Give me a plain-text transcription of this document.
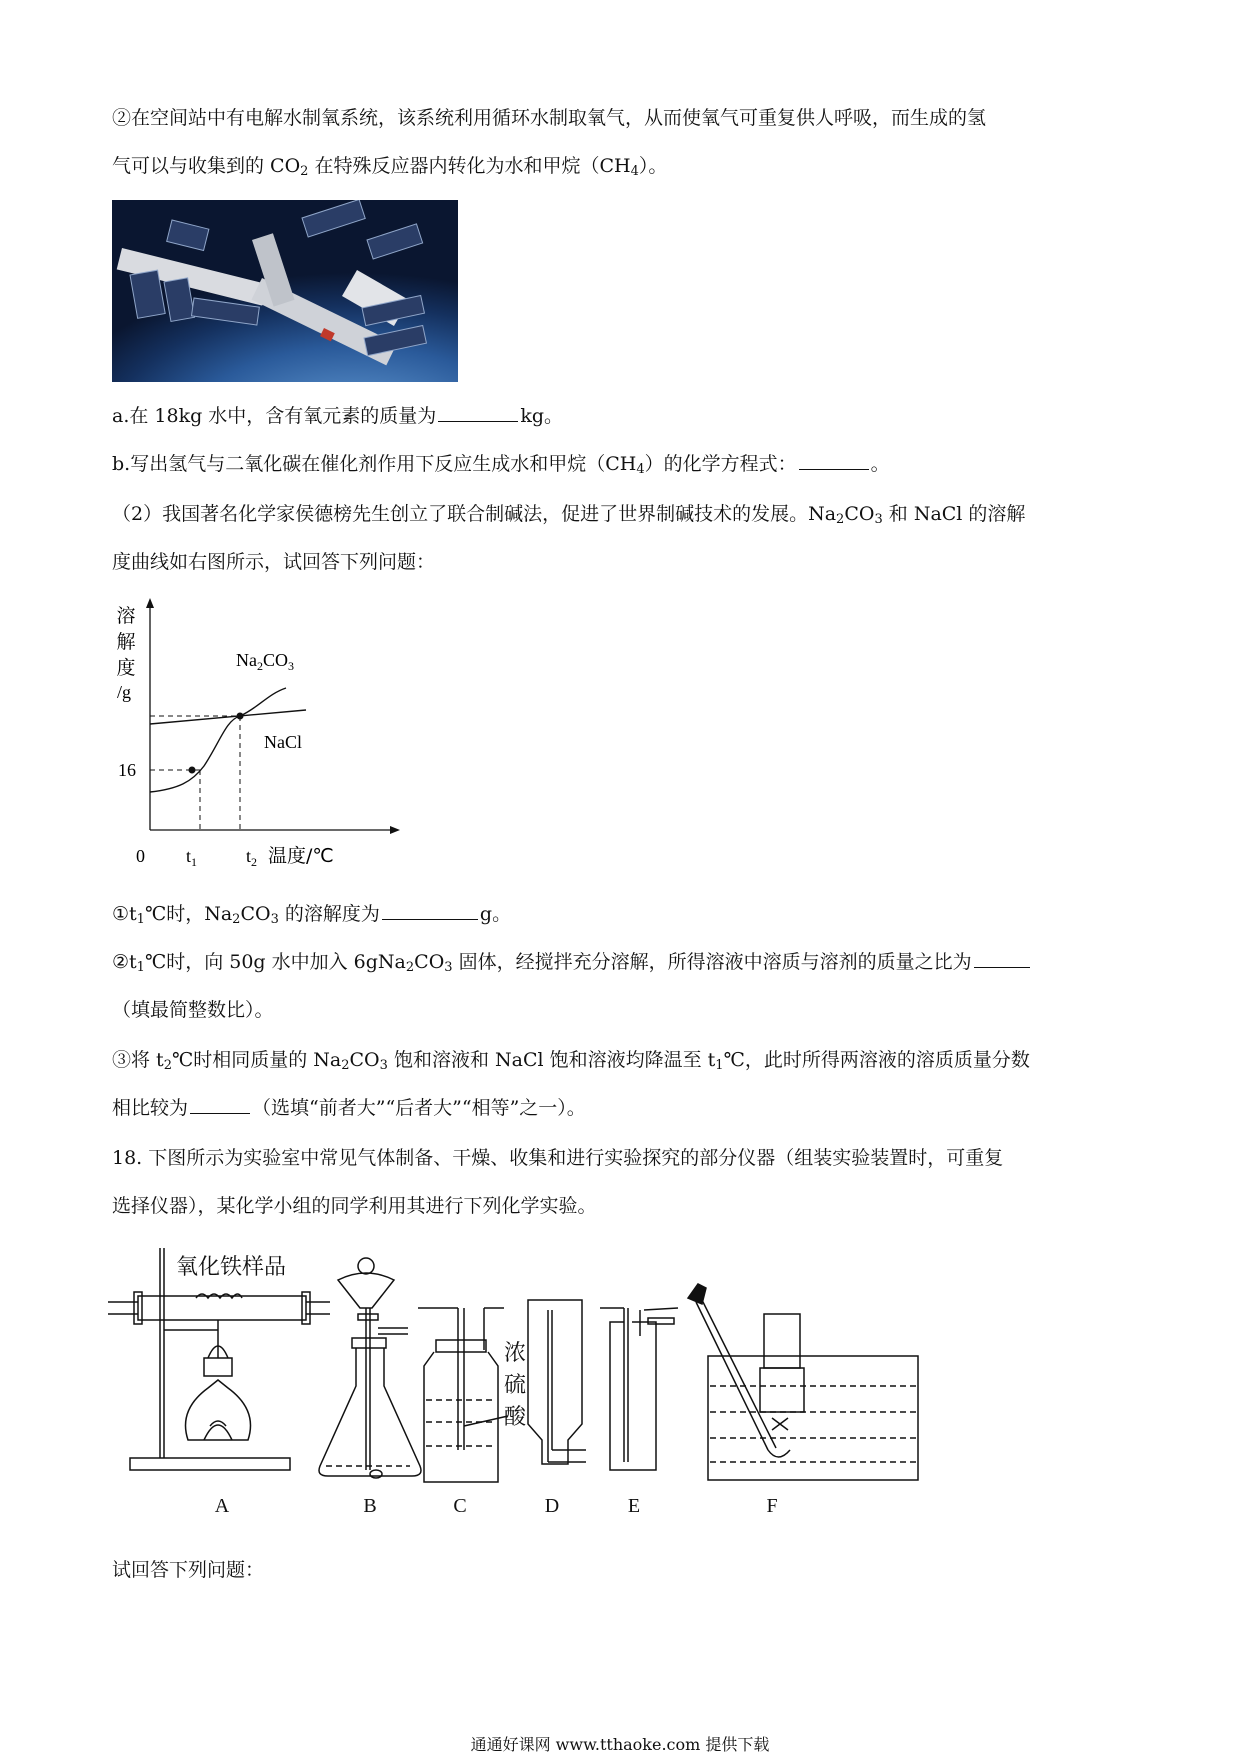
②在空间站中有电解水制氧系统，该系统利用循环水制取氧气，从而使氧气可重复供人呼吸，而生成的氢
气可以与收集到的 $CO_2$ 在特殊反应器内转化为水和甲烷$(CH_4)$。
a.在 18kg 水中，含有氧元素的质量为	kg。
b.写出氢气与二氧化碳在催化剂作用下反应生成水和甲烷$(CH_4)$的化学方程式：	。
（2）我国著名化学家侯德榜先生创立了联合制碱法，促进了世界制碱技术的发展。$Na_2CO_3$ 和 NaCl 的溶解
度曲线如右图所示，试回答下列问题：
溶
解
度
/g
$Na_2CO_3$
NaCl
16
0 $t_1$	$t_2$ 温度/℃
$①t_1℃$时，$Na_2CO_3$ 的溶解度为	g。
$②t_1℃$时，向 50g 水中加入 $6gNa_2CO_3$ 固体，经搅拌充分溶解，所得溶液中溶质与溶剂的质量之比为
（填最简整数比）。
③将 $t_2℃$时相同质量的 $Na_2CO_3$ 饱和溶液和 NaCl 饱和溶液均降温至 $t_1℃$，此时所得两溶液的溶质质量分数
相比较为	（选填“前者大”“后者大”“相等”之一）。
18. 下图所示为实验室中常见气体制备、干燥、收集和进行实验探究的部分仪器（组装实验装置时，可重复
选择仪器），某化学小组的同学利用其进行下列化学实验。
氧化铁样品
浓
硫
酸
A	B	C	D	E	F
试回答下列问题：
通通好课网 www.tthaoke.com 提供下载
